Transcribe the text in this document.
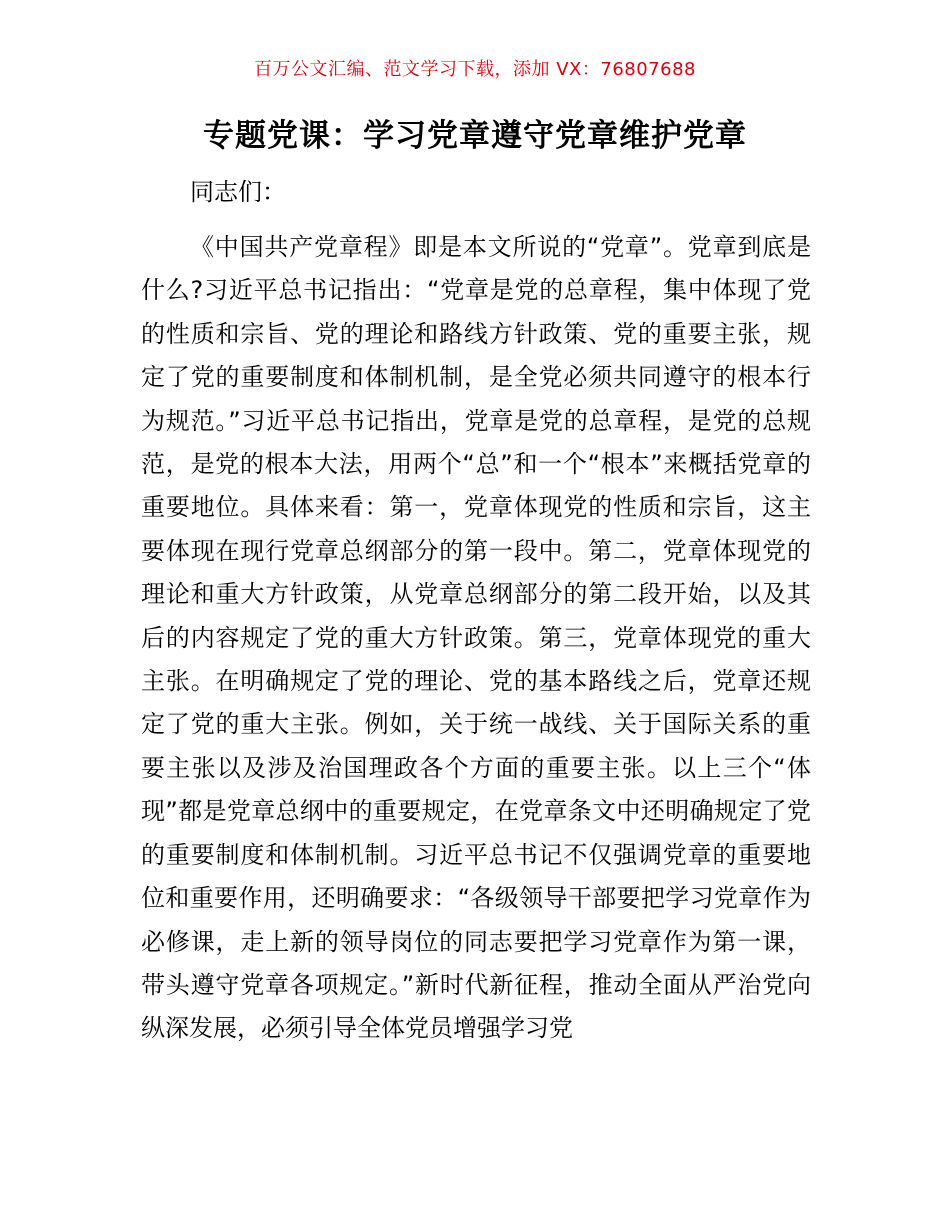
百万公文汇编、范文学习下载，添加 VX：76807688
专题党课：学习党章遵守党章维护党章
同志们：

《中国共产党章程》即是本文所说的“党章”。党章到底是什么?习近平总书记指出：“党章是党的总章程，集中体现了党的性质和宗旨、党的理论和路线方针政策、党的重要主张，规定了党的重要制度和体制机制，是全党必须共同遵守的根本行为规范。”习近平总书记指出，党章是党的总章程，是党的总规范，是党的根本大法，用两个“总”和一个“根本”来概括党章的重要地位。具体来看：第一，党章体现党的性质和宗旨，这主要体现在现行党章总纲部分的第一段中。第二，党章体现党的理论和重大方针政策，从党章总纲部分的第二段开始，以及其后的内容规定了党的重大方针政策。第三，党章体现党的重大主张。在明确规定了党的理论、党的基本路线之后，党章还规定了党的重大主张。例如，关于统一战线、关于国际关系的重要主张以及涉及治国理政各个方面的重要主张。以上三个“体现”都是党章总纲中的重要规定，在党章条文中还明确规定了党的重要制度和体制机制。习近平总书记不仅强调党章的重要地位和重要作用，还明确要求：“各级领导干部要把学习党章作为必修课，走上新的领导岗位的同志要把学习党章作为第一课，带头遵守党章各项规定。”新时代新征程，推动全面从严治党向纵深发展，必须引导全体党员增强学习党
